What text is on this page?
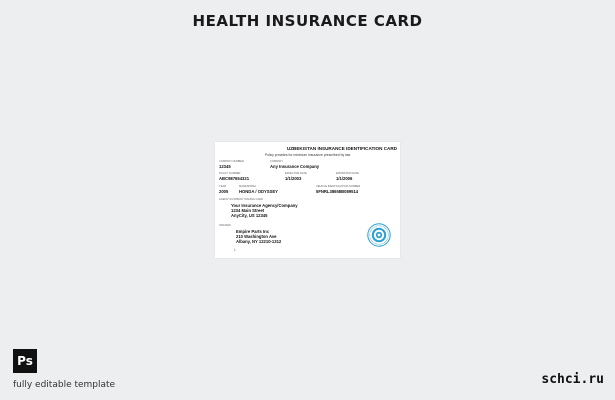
HEALTH INSURANCE CARD
UZBEKISTAN INSURANCE IDENTIFICATION CARD
Policy provides for minimum insurance prescribed by law
COMPANY NUMBER
12345
COMPANY
Any Insurance Company
POLICY NUMBER
ABC987654321
EFFECTIVE DATE
1/1/2003
EXPIRATION DATE
1/1/2006
YEAR
2005
MAKE/MODEL
HONDA / ODYSSEY
VEHICLE IDENTIFICATION NUMBER
5FNRL38658B089514
AGENCY/COMPANY ISSUING CARD
Your Insurance Agency/Company
1234 Main Street
AnyCity, US 12345
INSURED
Empire Parts Inc
210 Washington Ave
Albany, NY 12210-1312
L
Ps
fully editable template	schci.ru
